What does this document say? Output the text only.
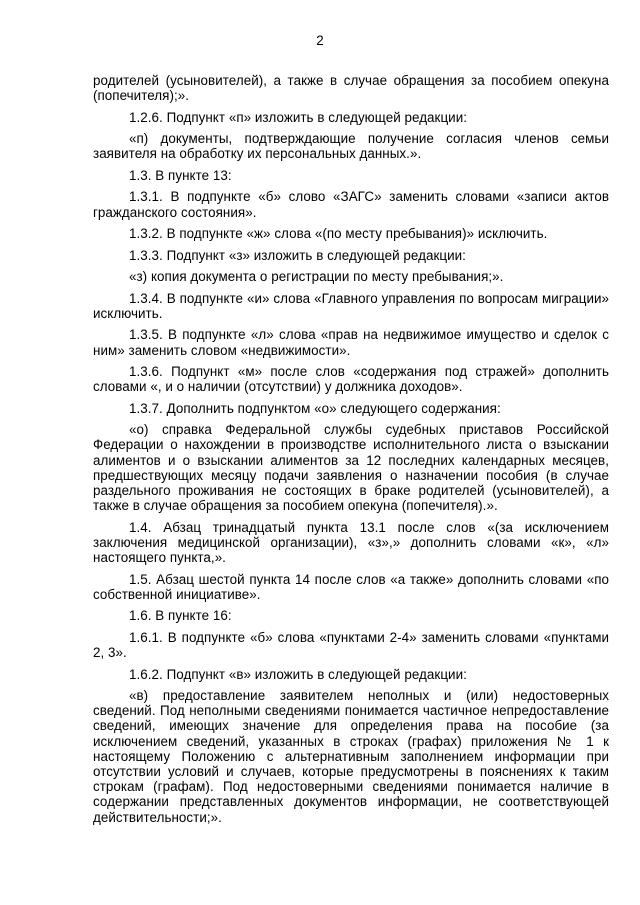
2

родителей (усыновителей), а также в случае обращения за пособием опекуна (попечителя);».

1.2.6. Подпункт «п» изложить в следующей редакции:

«п) документы, подтверждающие получение согласия членов семьи заявителя на обработку их персональных данных.».

1.3. В пункте 13:

1.3.1. В подпункте «б» слово «ЗАГС» заменить словами «записи актов гражданского состояния».

1.3.2. В подпункте «ж» слова «(по месту пребывания)» исключить.

1.3.3. Подпункт «з» изложить в следующей редакции:

«з) копия документа о регистрации по месту пребывания;».

1.3.4. В подпункте «и» слова «Главного управления по вопросам миграции» исключить.

1.3.5. В подпункте «л» слова «прав на недвижимое имущество и сделок с ним» заменить словом «недвижимости».

1.3.6. Подпункт «м» после слов «содержания под стражей» дополнить словами «, и о наличии (отсутствии) у должника доходов».

1.3.7. Дополнить подпунктом «о» следующего содержания:

«о) справка Федеральной службы судебных приставов Российской Федерации о нахождении в производстве исполнительного листа о взыскании алиментов и о взыскании алиментов за 12 последних календарных месяцев, предшествующих месяцу подачи заявления о назначении пособия (в случае раздельного проживания не состоящих в браке родителей (усыновителей), а также в случае обращения за пособием опекуна (попечителя).».

1.4. Абзац тринадцатый пункта 13.1 после слов «(за исключением заключения медицинской организации), «з»,» дополнить словами «к», «л» настоящего пункта,».

1.5. Абзац шестой пункта 14 после слов «а также» дополнить словами «по собственной инициативе».

1.6. В пункте 16:

1.6.1. В подпункте «б» слова «пунктами 2-4» заменить словами «пунктами 2, 3».

1.6.2. Подпункт «в» изложить в следующей редакции:

«в) предоставление заявителем неполных и (или) недостоверных сведений. Под неполными сведениями понимается частичное непредоставление сведений, имеющих значение для определения права на пособие (за исключением сведений, указанных в строках (графах) приложения № 1 к настоящему Положению с альтернативным заполнением информации при отсутствии условий и случаев, которые предусмотрены в пояснениях к таким строкам (графам). Под недостоверными сведениями понимается наличие в содержании представленных документов информации, не соответствующей действительности;».
